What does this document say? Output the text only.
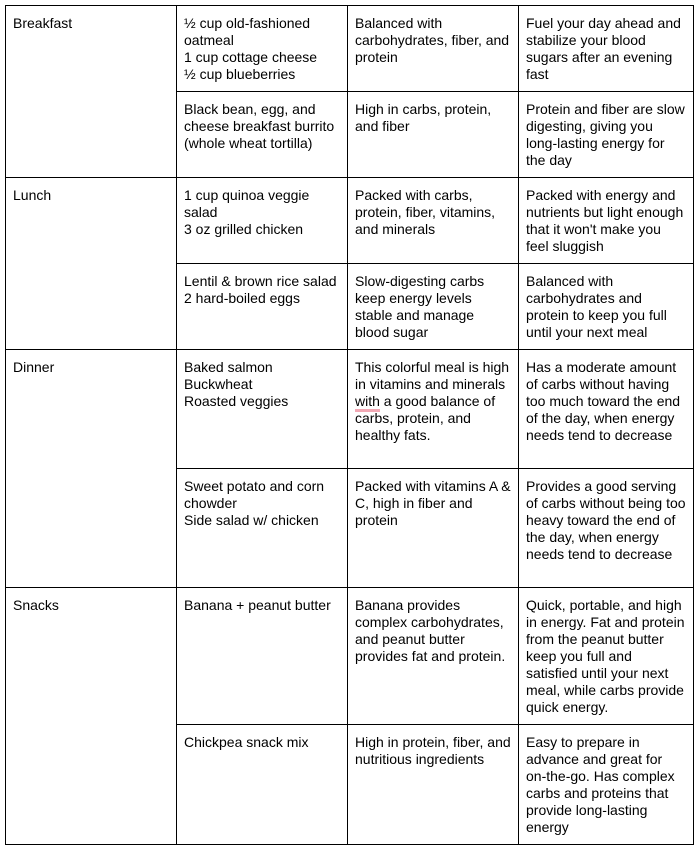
Breakfast	½ cup old-fashioned oatmeal
1 cup cottage cheese
½ cup blueberries	Balanced with carbohydrates, fiber, and protein	Fuel your day ahead and stabilize your blood sugars after an evening fast
	Black bean, egg, and cheese breakfast burrito (whole wheat tortilla)	High in carbs, protein, and fiber	Protein and fiber are slow digesting, giving you long-lasting energy for the day
Lunch	1 cup quinoa veggie salad
3 oz grilled chicken	Packed with carbs, protein, fiber, vitamins, and minerals	Packed with energy and nutrients but light enough that it won't make you feel sluggish
	Lentil & brown rice salad
2 hard-boiled eggs	Slow-digesting carbs keep energy levels stable and manage blood sugar	Balanced with carbohydrates and protein to keep you full until your next meal
Dinner	Baked salmon
Buckwheat
Roasted veggies	This colorful meal is high in vitamins and minerals with a good balance of carbs, protein, and healthy fats.	Has a moderate amount of carbs without having too much toward the end of the day, when energy needs tend to decrease
	Sweet potato and corn chowder
Side salad w/ chicken	Packed with vitamins A & C, high in fiber and protein	Provides a good serving of carbs without being too heavy toward the end of the day, when energy needs tend to decrease
Snacks	Banana + peanut butter	Banana provides complex carbohydrates, and peanut butter provides fat and protein.	Quick, portable, and high in energy. Fat and protein from the peanut butter keep you full and satisfied until your next meal, while carbs provide quick energy.
	Chickpea snack mix	High in protein, fiber, and nutritious ingredients	Easy to prepare in advance and great for on-the-go. Has complex carbs and proteins that provide long-lasting energy
